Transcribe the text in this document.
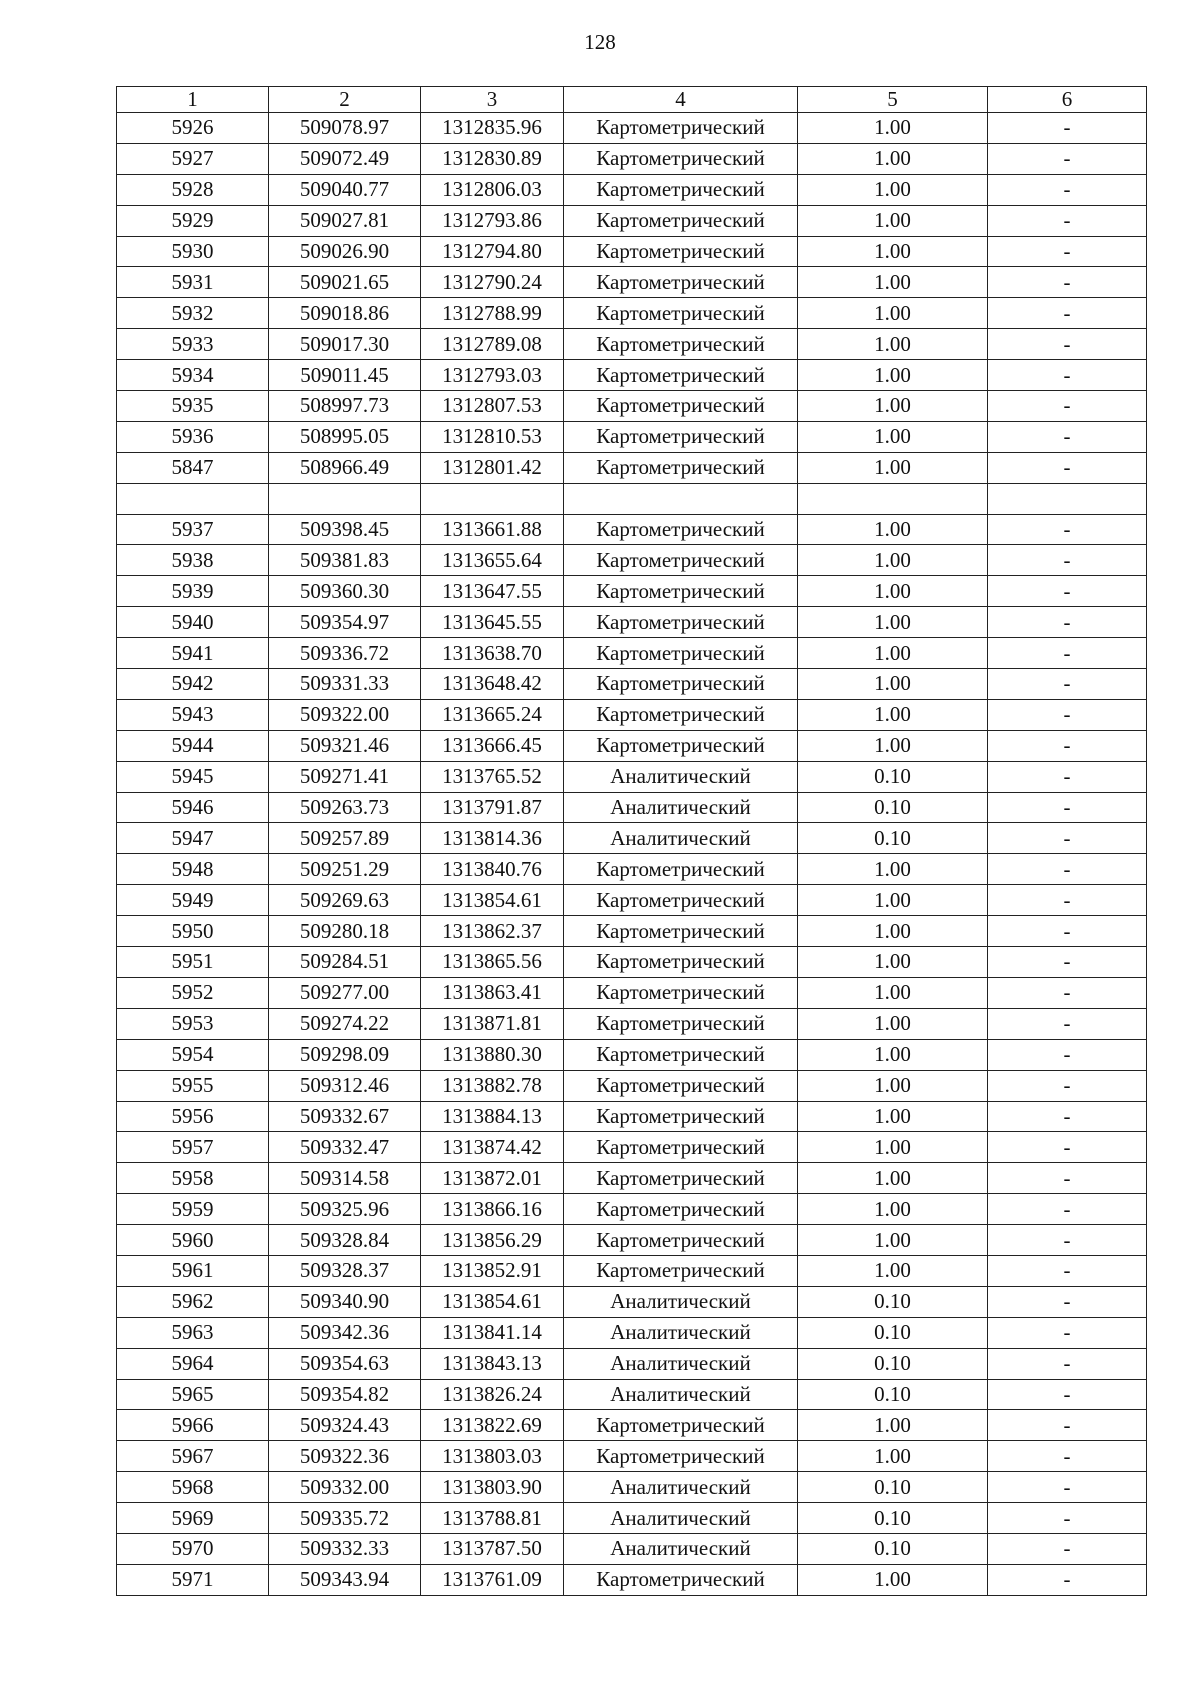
128
1	2	3	4	5	6
5926	509078.97	1312835.96	Картометрический	1.00	-
5927	509072.49	1312830.89	Картометрический	1.00	-
5928	509040.77	1312806.03	Картометрический	1.00	-
5929	509027.81	1312793.86	Картометрический	1.00	-
5930	509026.90	1312794.80	Картометрический	1.00	-
5931	509021.65	1312790.24	Картометрический	1.00	-
5932	509018.86	1312788.99	Картометрический	1.00	-
5933	509017.30	1312789.08	Картометрический	1.00	-
5934	509011.45	1312793.03	Картометрический	1.00	-
5935	508997.73	1312807.53	Картометрический	1.00	-
5936	508995.05	1312810.53	Картометрический	1.00	-
5847	508966.49	1312801.42	Картометрический	1.00	-

5937	509398.45	1313661.88	Картометрический	1.00	-
5938	509381.83	1313655.64	Картометрический	1.00	-
5939	509360.30	1313647.55	Картометрический	1.00	-
5940	509354.97	1313645.55	Картометрический	1.00	-
5941	509336.72	1313638.70	Картометрический	1.00	-
5942	509331.33	1313648.42	Картометрический	1.00	-
5943	509322.00	1313665.24	Картометрический	1.00	-
5944	509321.46	1313666.45	Картометрический	1.00	-
5945	509271.41	1313765.52	Аналитический	0.10	-
5946	509263.73	1313791.87	Аналитический	0.10	-
5947	509257.89	1313814.36	Аналитический	0.10	-
5948	509251.29	1313840.76	Картометрический	1.00	-
5949	509269.63	1313854.61	Картометрический	1.00	-
5950	509280.18	1313862.37	Картометрический	1.00	-
5951	509284.51	1313865.56	Картометрический	1.00	-
5952	509277.00	1313863.41	Картометрический	1.00	-
5953	509274.22	1313871.81	Картометрический	1.00	-
5954	509298.09	1313880.30	Картометрический	1.00	-
5955	509312.46	1313882.78	Картометрический	1.00	-
5956	509332.67	1313884.13	Картометрический	1.00	-
5957	509332.47	1313874.42	Картометрический	1.00	-
5958	509314.58	1313872.01	Картометрический	1.00	-
5959	509325.96	1313866.16	Картометрический	1.00	-
5960	509328.84	1313856.29	Картометрический	1.00	-
5961	509328.37	1313852.91	Картометрический	1.00	-
5962	509340.90	1313854.61	Аналитический	0.10	-
5963	509342.36	1313841.14	Аналитический	0.10	-
5964	509354.63	1313843.13	Аналитический	0.10	-
5965	509354.82	1313826.24	Аналитический	0.10	-
5966	509324.43	1313822.69	Картометрический	1.00	-
5967	509322.36	1313803.03	Картометрический	1.00	-
5968	509332.00	1313803.90	Аналитический	0.10	-
5969	509335.72	1313788.81	Аналитический	0.10	-
5970	509332.33	1313787.50	Аналитический	0.10	-
5971	509343.94	1313761.09	Картометрический	1.00	-
